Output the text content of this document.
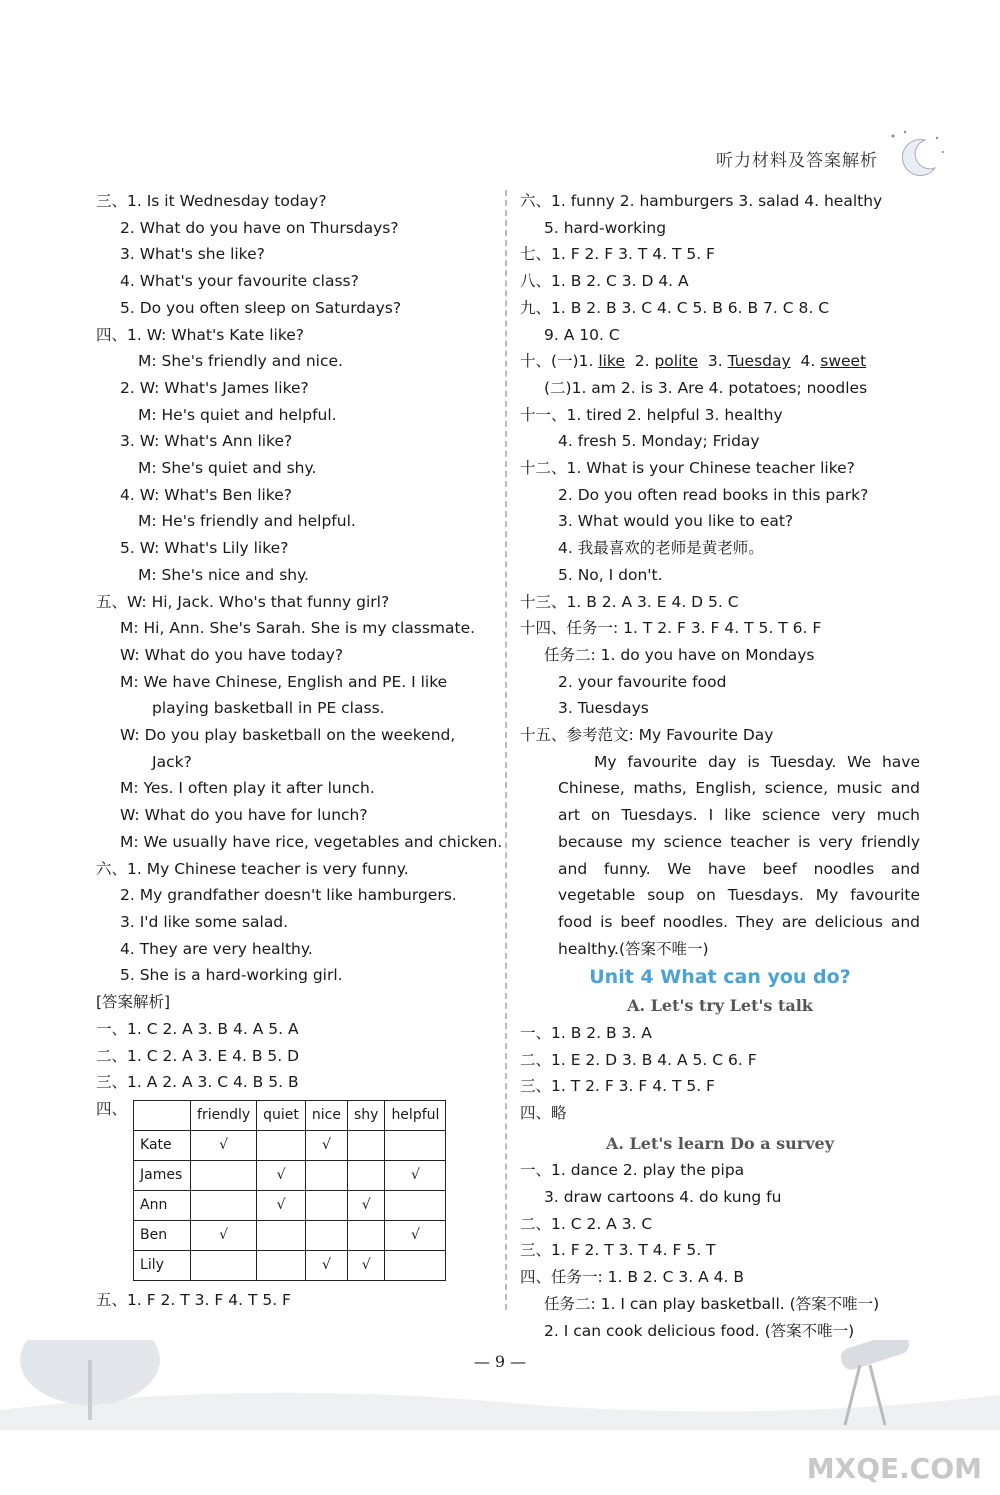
听力材料及答案解析
三、1. Is it Wednesday today?
2. What do you have on Thursdays?
3. What's she like?
4. What's your favourite class?
5. Do you often sleep on Saturdays?
四、1. W: What's Kate like?
M: She's friendly and nice.
2. W: What's James like?
M: He's quiet and helpful.
3. W: What's Ann like?
M: She's quiet and shy.
4. W: What's Ben like?
M: He's friendly and helpful.
5. W: What's Lily like?
M: She's nice and shy.
五、W: Hi, Jack. Who's that funny girl?
M: Hi, Ann. She's Sarah. She is my classmate.
W: What do you have today?
M: We have Chinese, English and PE. I like
playing basketball in PE class.
W: Do you play basketball on the weekend,
Jack?
M: Yes. I often play it after lunch.
W: What do you have for lunch?
M: We usually have rice, vegetables and chicken.
六、1. My Chinese teacher is very funny.
2. My grandfather doesn't like hamburgers.
3. I'd like some salad.
4. They are very healthy.
5. She is a hard-working girl.
[答案解析]
一、1. C 2. A 3. B 4. A 5. A
二、1. C 2. A 3. E 4. B 5. D
三、1. A 2. A 3. C 4. B 5. B
四、
		friendly	quiet	nice	shy	helpful
Kate	√		√		
James		√			√
Ann		√		√	
Ben	√				√
Lily			√	√	
五、1. F 2. T 3. F 4. T 5. F
六、1. funny 2. hamburgers 3. salad 4. healthy
5. hard-working
七、1. F 2. F 3. T 4. T 5. F
八、1. B 2. C 3. D 4. A
九、1. B 2. B 3. C 4. C 5. B 6. B 7. C 8. C
9. A 10. C
十、(一)1. like  2. polite  3. Tuesday  4. sweet
(二)1. am 2. is 3. Are 4. potatoes; noodles
十一、1. tired 2. helpful 3. healthy
4. fresh 5. Monday; Friday
十二、1. What is your Chinese teacher like?
2. Do you often read books in this park?
3. What would you like to eat?
4. 我最喜欢的老师是黄老师。
5. No, I don't.
十三、1. B 2. A 3. E 4. D 5. C
十四、任务一: 1. T 2. F 3. F 4. T 5. T 6. F
任务二: 1. do you have on Mondays
2. your favourite food
3. Tuesdays
十五、参考范文: My Favourite Day
My favourite day is Tuesday. We have Chinese, maths, English, science, music and art on Tuesdays. I like science very much because my science teacher is very friendly and funny. We have beef noodles and vegetable soup on Tuesdays. My favourite food is beef noodles. They are delicious and healthy.(答案不唯一)
Unit 4 What can you do?
A. Let's try Let's talk
一、1. B 2. B 3. A
二、1. E 2. D 3. B 4. A 5. C 6. F
三、1. T 2. F 3. F 4. T 5. F
四、略
A. Let's learn Do a survey
一、1. dance 2. play the pipa
3. draw cartoons 4. do kung fu
二、1. C 2. A 3. C
三、1. F 2. T 3. T 4. F 5. T
四、任务一: 1. B 2. C 3. A 4. B
任务二: 1. I can play basketball. (答案不唯一)
2. I can cook delicious food. (答案不唯一)
— 9 —
MXQE.COM
